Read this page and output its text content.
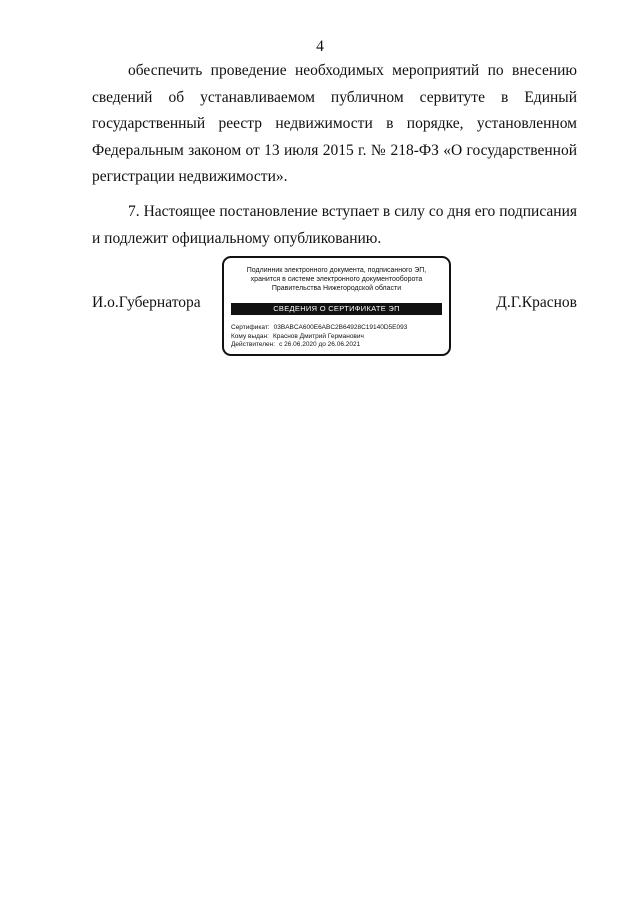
4

обеспечить проведение необходимых мероприятий по внесению сведений об устанавливаемом публичном сервитуте в Единый государственный реестр недвижимости в порядке, установленном Федеральным законом от 13 июля 2015 г. № 218-ФЗ «О государственной регистрации недвижимости».

7. Настоящее постановление вступает в силу со дня его подписания и подлежит официальному опубликованию.

И.о.Губернатора
Подлинник электронного документа, подписанного ЭП,
хранится в системе электронного документооборота
Правительства Нижегородской области
СВЕДЕНИЯ О СЕРТИФИКАТЕ ЭП
Сертификат: 03BABCA600E6ABC2B64928C19140D5E093
Кому выдан: Краснов Дмитрий Германович
Действителен: с 26.06.2020 до 26.06.2021
Д.Г.Краснов
